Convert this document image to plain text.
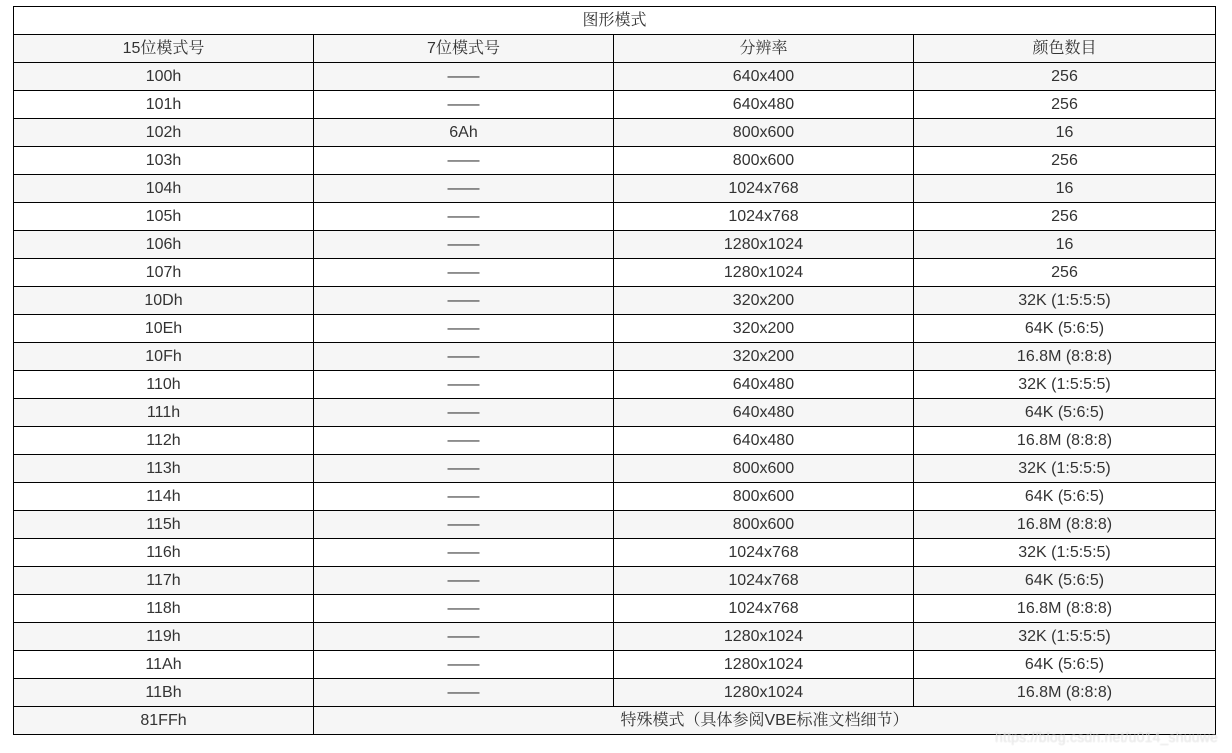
图形模式			
15位模式号	7位模式号	分辨率	颜色数目
100h	——	640x400	256
101h	——	640x480	256
102h	6Ah	800x600	16
103h	——	800x600	256
104h	——	1024x768	16
105h	——	1024x768	256
106h	——	1280x1024	16
107h	——	1280x1024	256
10Dh	——	320x200	32K (1:5:5:5)
10Eh	——	320x200	64K (5:6:5)
10Fh	——	320x200	16.8M (8:8:8)
110h	——	640x480	32K (1:5:5:5)
111h	——	640x480	64K (5:6:5)
112h	——	640x480	16.8M (8:8:8)
113h	——	800x600	32K (1:5:5:5)
114h	——	800x600	64K (5:6:5)
115h	——	800x600	16.8M (8:8:8)
116h	——	1024x768	32K (1:5:5:5)
117h	——	1024x768	64K (5:6:5)
118h	——	1024x768	16.8M (8:8:8)
119h	——	1280x1024	32K (1:5:5:5)
11Ah	——	1280x1024	64K (5:6:5)
11Bh	——	1280x1024	16.8M (8:8:8)
81FFh	特殊模式（具体参阅VBE标准文档细节）		
https://blog.csdn.net/u014_shuuwe
